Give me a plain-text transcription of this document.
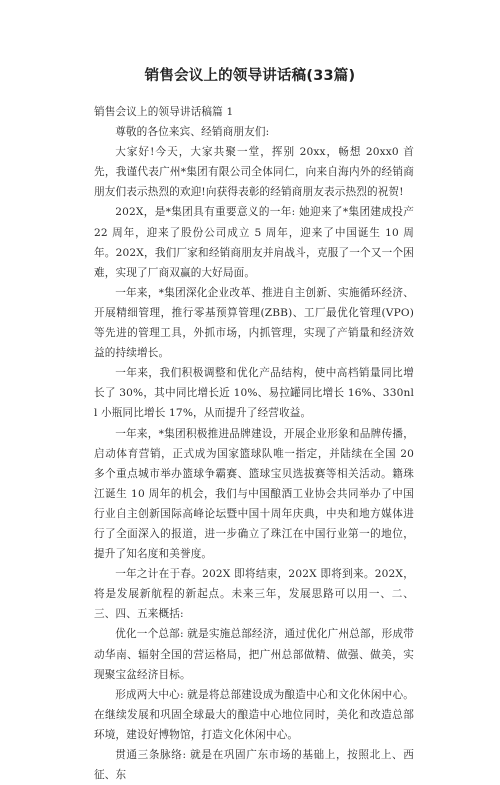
销售会议上的领导讲话稿(33篇)

销售会议上的领导讲话稿篇 1

尊敬的各位来宾、经销商朋友们:

大家好!今天，大家共聚一堂，挥别 20xx，畅想 20xx0 首先，我谨代表广州*集团有限公司全体同仁，向来自海内外的经销商朋友们表示热烈的欢迎!向获得表彰的经销商朋友表示热烈的祝贺!

202X，是*集团具有重要意义的一年: 她迎来了*集团建成投产 22 周年，迎来了股份公司成立 5 周年，迎来了中国诞生 10 周年。202X，我们厂家和经销商朋友并肩战斗，克服了一个又一个困难，实现了厂商双赢的大好局面。

一年来，*集团深化企业改革、推进自主创新、实施循环经济、开展精细管理，推行零基预算管理(ZBB)、工厂最优化管理(VPO)等先进的管理工具，外抓市场，内抓管理，实现了产销量和经济效益的持续增长。

一年来，我们积极调整和优化产品结构，使中高档销量同比增长了 30%，其中同比增长近 10%、易拉罐同比增长 16%、330nll 小瓶同比增长 17%，从而提升了经营收益。

一年来，*集团积极推进品牌建设，开展企业形象和品牌传播，启动体育营销，正式成为国家篮球队唯一指定，并陆续在全国 20 多个重点城市举办篮球争霸赛、篮球宝贝选拔赛等相关活动。籍珠江诞生 10 周年的机会，我们与中国酿酒工业协会共同举办了中国行业自主创新国际高峰论坛暨中国十周年庆典，中央和地方媒体进行了全面深入的报道，进一步确立了珠江在中国行业第一的地位，提升了知名度和美誉度。

一年之计在于春。202X 即将结束，202X 即将到来。202X，将是发展新航程的新起点。未来三年，发展思路可以用一、二、三、四、五来概括:

优化一个总部: 就是实施总部经济，通过优化广州总部，形成带动华南、辐射全国的营运格局，把广州总部做精、做强、做美，实现聚宝盆经济目标。

形成两大中心: 就是将总部建设成为酿造中心和文化休闲中心。在继续发展和巩固全球最大的酿造中心地位同时，美化和改造总部环境，建设好博物馆，打造文化休闲中心。

贯通三条脉络: 就是在巩固广东市场的基础上，按照北上、西征、东
